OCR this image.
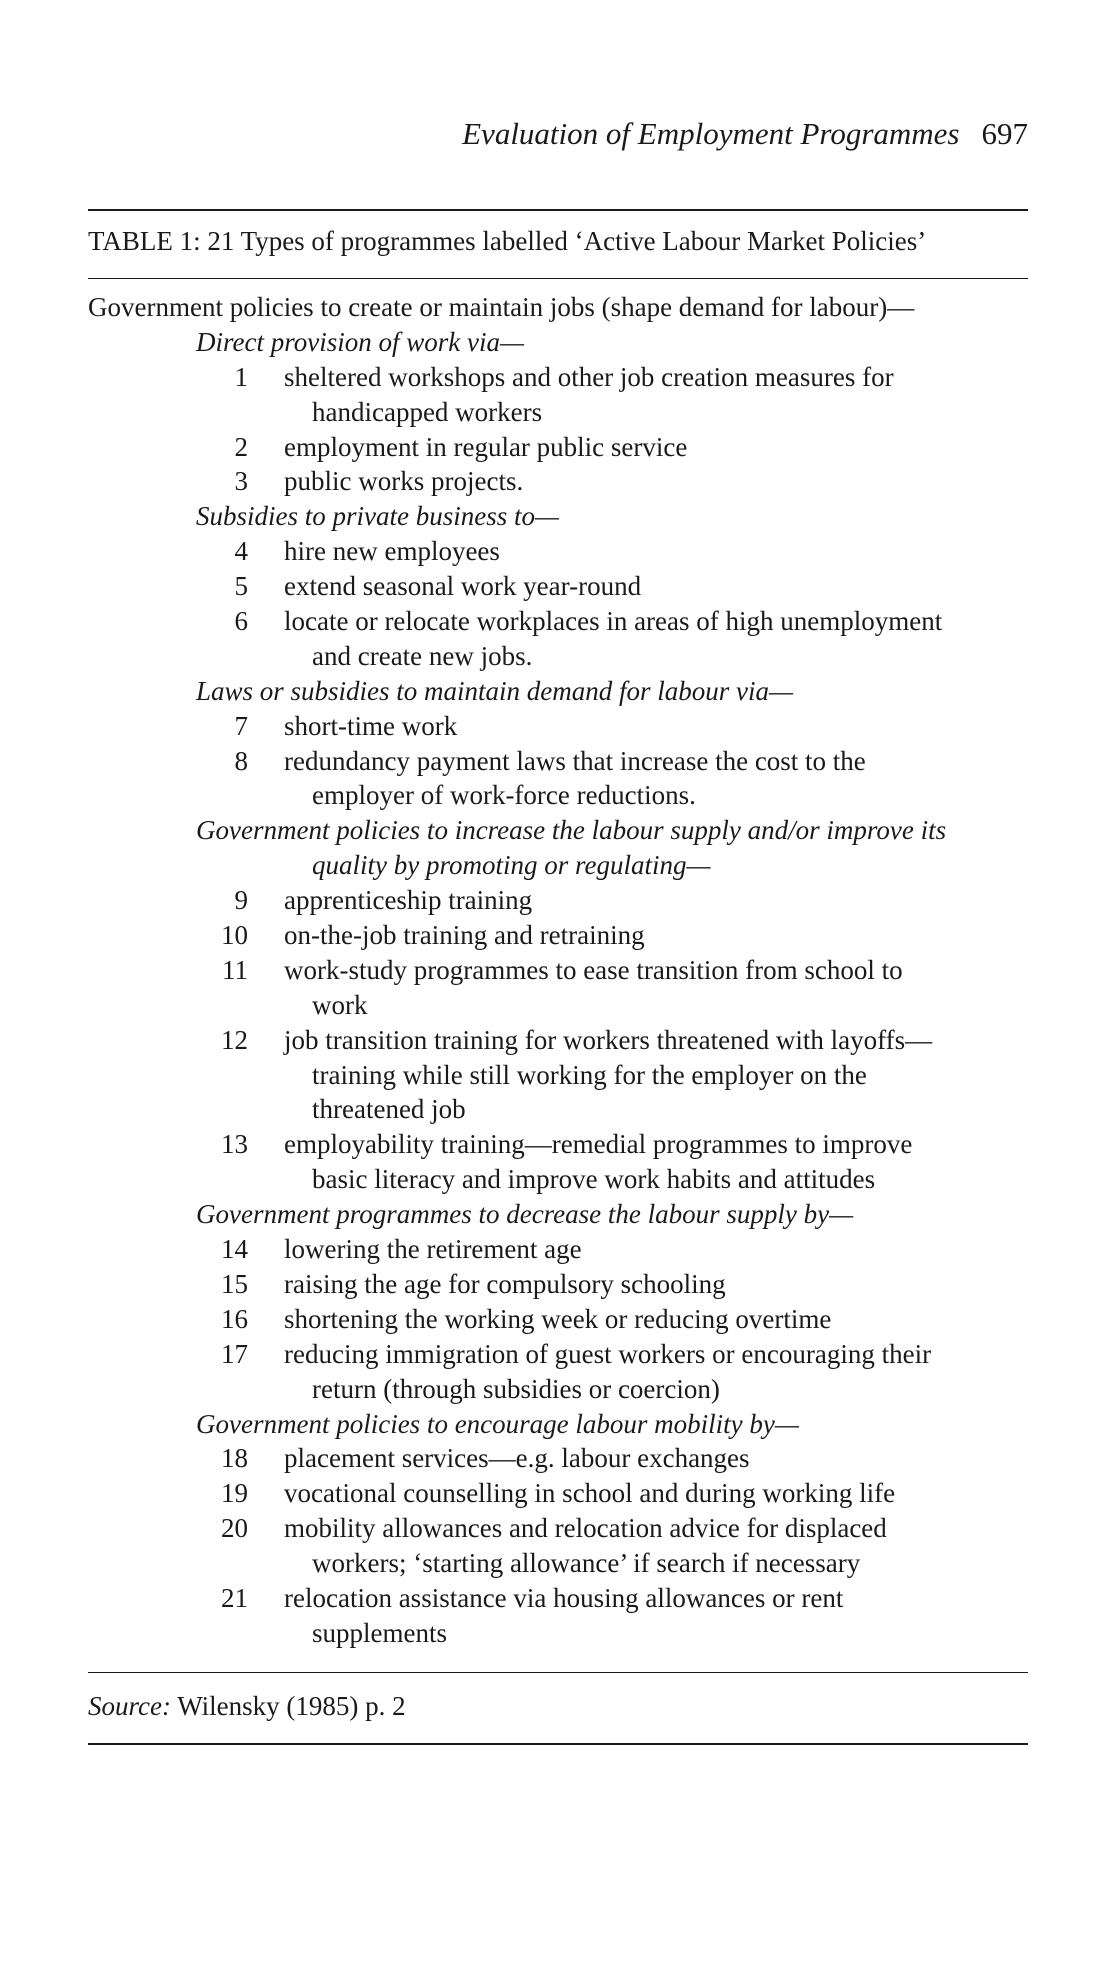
Evaluation of Employment Programmes 697
TABLE 1: 21 Types of programmes labelled ‘Active Labour Market Policies’
Government policies to create or maintain jobs (shape demand for labour)—
Direct provision of work via—
1 sheltered workshops and other job creation measures for
handicapped workers
2 employment in regular public service
3 public works projects.
Subsidies to private business to—
4 hire new employees
5 extend seasonal work year-round
6 locate or relocate workplaces in areas of high unemployment
and create new jobs.
Laws or subsidies to maintain demand for labour via—
7 short-time work
8 redundancy payment laws that increase the cost to the
employer of work-force reductions.
Government policies to increase the labour supply and/or improve its
quality by promoting or regulating—
9 apprenticeship training
10 on-the-job training and retraining
11 work-study programmes to ease transition from school to
work
12 job transition training for workers threatened with layoffs—
training while still working for the employer on the
threatened job
13 employability training—remedial programmes to improve
basic literacy and improve work habits and attitudes
Government programmes to decrease the labour supply by—
14 lowering the retirement age
15 raising the age for compulsory schooling
16 shortening the working week or reducing overtime
17 reducing immigration of guest workers or encouraging their
return (through subsidies or coercion)
Government policies to encourage labour mobility by—
18 placement services—e.g. labour exchanges
19 vocational counselling in school and during working life
20 mobility allowances and relocation advice for displaced
workers; ‘starting allowance’ if search if necessary
21 relocation assistance via housing allowances or rent
supplements
Source: Wilensky (1985) p. 2
